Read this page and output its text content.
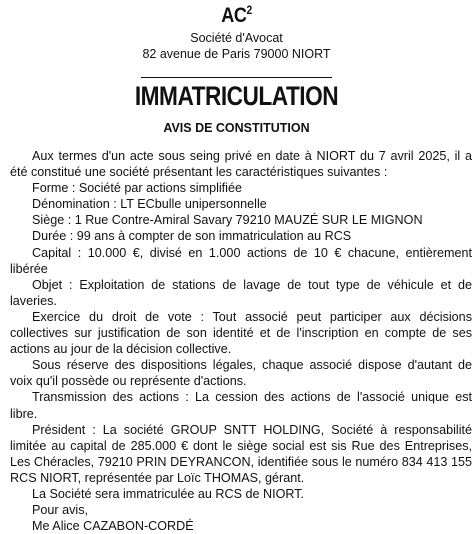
$AC^2$
Société d'Avocat
82 avenue de Paris 79000 NIORT
IMMATRICULATION
AVIS DE CONSTITUTION

Aux termes d'un acte sous seing privé en date à NIORT du 7 avril 2025, il a été constitué une société présentant les caractéristiques suivantes :

Forme : Société par actions simplifiée

Dénomination : LT ECbulle unipersonnelle

Siège : 1 Rue Contre-Amiral Savary 79210 MAUZÉ SUR LE MIGNON

Durée : 99 ans à compter de son immatriculation au RCS

Capital : 10.000 €, divisé en 1.000 actions de 10 € chacune, entièrement libérée

Objet : Exploitation de stations de lavage de tout type de véhicule et de laveries.

Exercice du droit de vote : Tout associé peut participer aux décisions collectives sur justification de son identité et de l'inscription en compte de ses actions au jour de la décision collective.

Sous réserve des dispositions légales, chaque associé dispose d'autant de voix qu'il possède ou représente d'actions.

Transmission des actions : La cession des actions de l'associé unique est libre.

Président : La société GROUP SNTT HOLDING, Société à responsabilité limitée au capital de 285.000 € dont le siège social est sis Rue des Entreprises, Les Chéracles, 79210 PRIN DEYRANCON, identifiée sous le numéro 834 413 155 RCS NIORT, représentée par Loïc THOMAS, gérant.

La Société sera immatriculée au RCS de NIORT.

Pour avis,

Me Alice CAZABON-CORDÉ
